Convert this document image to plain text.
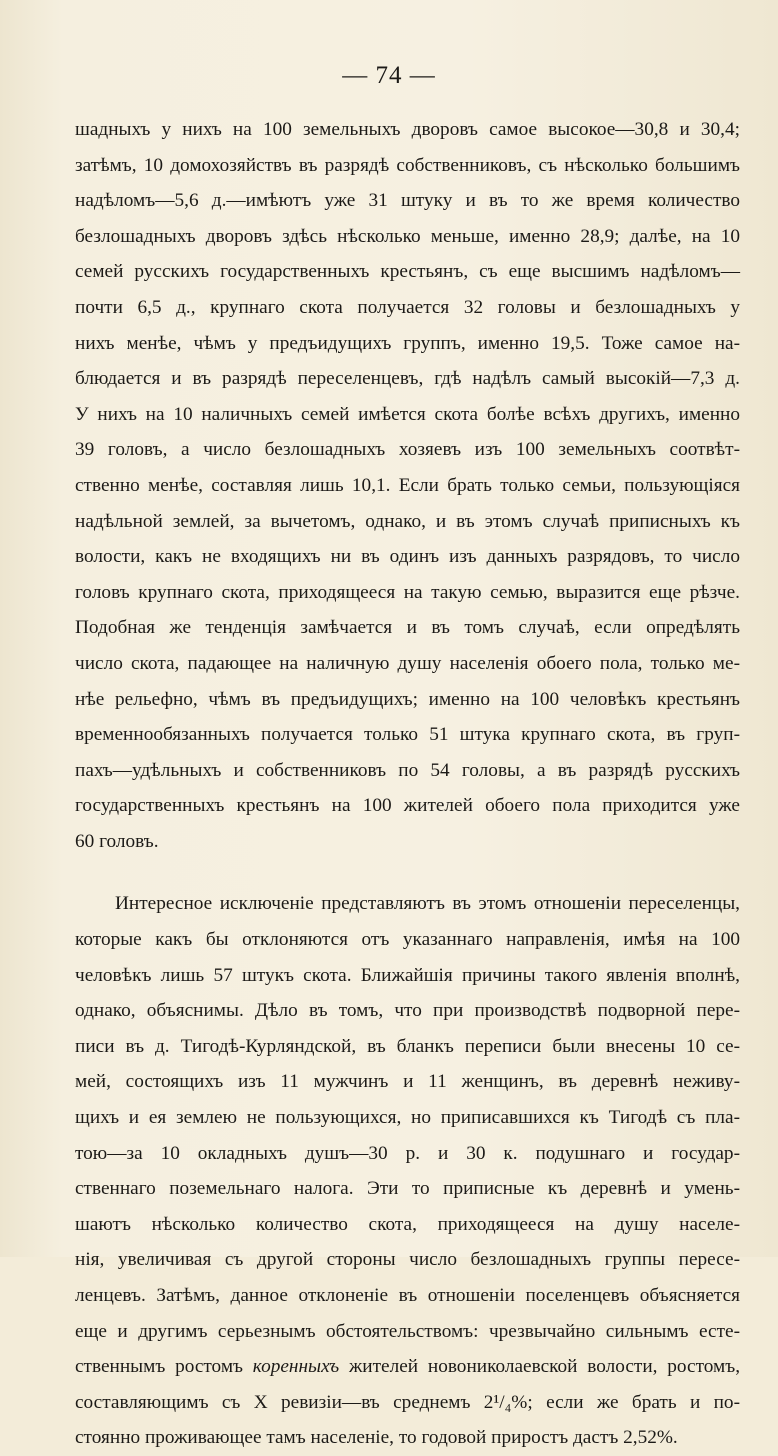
— 74 —
шадныхъ у нихъ на 100 земельныхъ дворовъ самое высокое—30,8 и 30,4;
затѣмъ, 10 домохозяйствъ въ разрядѣ собственниковъ, съ нѣсколько большимъ
надѣломъ—5,6 д.—имѣютъ уже 31 штуку и въ то же время количество
безлошадныхъ дворовъ здѣсь нѣсколько меньше, именно 28,9; далѣе, на 10
семей русскихъ государственныхъ крестьянъ, съ еще высшимъ надѣломъ—
почти 6,5 д., крупнаго скота получается 32 головы и безлошадныхъ у
нихъ менѣе, чѣмъ у предъидущихъ группъ, именно 19,5. Тоже самое на-
блюдается и въ разрядѣ переселенцевъ, гдѣ надѣлъ самый высокій—7,3 д.
У нихъ на 10 наличныхъ семей имѣется скота болѣе всѣхъ другихъ, именно
39 головъ, а число безлошадныхъ хозяевъ изъ 100 земельныхъ соотвѣт-
ственно менѣе, составляя лишь 10,1. Если брать только семьи, пользующіяся
надѣльной землей, за вычетомъ, однако, и въ этомъ случаѣ приписныхъ къ
волости, какъ не входящихъ ни въ одинъ изъ данныхъ разрядовъ, то число
головъ крупнаго скота, приходящееся на такую семью, выразится еще рѣзче.
Подобная же тенденція замѣчается и въ томъ случаѣ, если опредѣлять
число скота, падающее на наличную душу населенія обоего пола, только ме-
нѣе рельефно, чѣмъ въ предъидущихъ; именно на 100 человѣкъ крестьянъ
временнообязанныхъ получается только 51 штука крупнаго скота, въ груп-
пахъ—удѣльныхъ и собственниковъ по 54 головы, а въ разрядѣ русскихъ
государственныхъ крестьянъ на 100 жителей обоего пола приходится уже
60 головъ.
Интересное исключеніе представляютъ въ этомъ отношеніи переселенцы,
которые какъ бы отклоняются отъ указаннаго направленія, имѣя на 100
человѣкъ лишь 57 штукъ скота. Ближайшія причины такого явленія вполнѣ,
однако, объяснимы. Дѣло въ томъ, что при производствѣ подворной пере-
писи въ д. Тигодѣ-Курляндской, въ бланкъ переписи были внесены 10 се-
мей, состоящихъ изъ 11 мужчинъ и 11 женщинъ, въ деревнѣ неживу-
щихъ и ея землею не пользующихся, но приписавшихся къ Тигодѣ съ пла-
тою—за 10 окладныхъ душъ—30 р. и 30 к. подушнаго и государ-
ственнаго поземельнаго налога. Эти то приписные къ деревнѣ и умень-
шаютъ нѣсколько количество скота, приходящееся на душу населе-
нія, увеличивая съ другой стороны число безлошадныхъ группы пересе-
ленцевъ. Затѣмъ, данное отклоненіе въ отношеніи поселенцевъ объясняется
еще и другимъ серьезнымъ обстоятельствомъ: чрезвычайно сильнымъ есте-
ственнымъ ростомъ коренныхъ жителей новониколаевской волости, ростомъ,
составляющимъ съ X ревизіи—въ среднемъ 2¹/₄%; если же брать и по-
стоянно проживающее тамъ населеніе, то годовой приростъ дастъ 2,52%.
